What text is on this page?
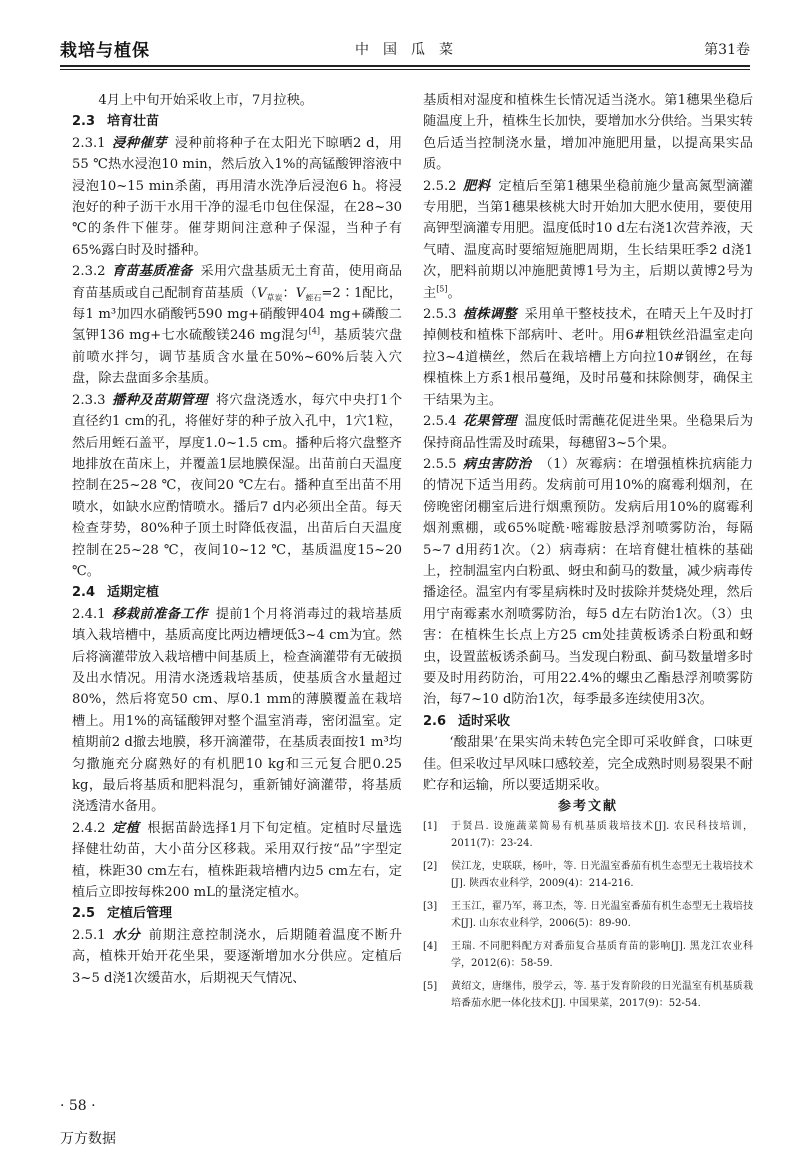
栽培与植保	中国瓜菜	第31卷

4月上中旬开始采收上市，7月拉秧。

2.3 培育壮苗

2.3.1 浸种催芽 浸种前将种子在太阳光下晾晒2 d，用55 ℃热水浸泡10 min，然后放入1%的高锰酸钾溶液中浸泡10~15 min杀菌，再用清水洗净后浸泡6 h。将浸泡好的种子沥干水用干净的湿毛巾包住保湿，在28~30 ℃的条件下催芽。催芽期间注意种子保湿，当种子有65%露白时及时播种。

2.3.2 育苗基质准备 采用穴盘基质无土育苗，使用商品育苗基质或自己配制育苗基质（$V_{草炭}$：$V_{蛭石}=2∶1$配比，每1 m³加四水硝酸钙590 mg+硝酸钾404 mg+磷酸二氢钾136 mg+七水硫酸镁246 mg混匀[4]，基质装穴盘前喷水拌匀，调节基质含水量在50%~60%后装入穴盘，除去盘面多余基质。

2.3.3 播种及苗期管理 将穴盘浇透水，每穴中央打1个直径约1 cm的孔，将催好芽的种子放入孔中，1穴1粒，然后用蛭石盖平，厚度1.0~1.5 cm。播种后将穴盘整齐地排放在苗床上，并覆盖1层地膜保湿。出苗前白天温度控制在25~28 ℃，夜间20 ℃左右。播种直至出苗不用喷水，如缺水应酌情喷水。播后7 d内必须出全苗。每天检查芽势，80%种子顶土时降低夜温，出苗后白天温度控制在25~28 ℃，夜间10~12 ℃，基质温度15~20 ℃。

2.4 适期定植

2.4.1 移栽前准备工作 提前1个月将消毒过的栽培基质填入栽培槽中，基质高度比两边槽埂低3~4 cm为宜。然后将滴灌带放入栽培槽中间基质上，检查滴灌带有无破损及出水情况。用清水浇透栽培基质，使基质含水量超过80%，然后将宽50 cm、厚0.1 mm的薄膜覆盖在栽培槽上。用1%的高锰酸钾对整个温室消毒，密闭温室。定植期前2 d撤去地膜，移开滴灌带，在基质表面按1 m³均匀撒施充分腐熟好的有机肥10 kg和三元复合肥0.25 kg，最后将基质和肥料混匀，重新铺好滴灌带，将基质浇透清水备用。

2.4.2 定植 根据苗龄选择1月下旬定植。定植时尽量选择健壮幼苗，大小苗分区移栽。采用双行按“品”字型定植，株距30 cm左右，植株距栽培槽内边5 cm左右，定植后立即按每株200 mL的量浇定植水。

2.5 定植后管理

2.5.1 水分 前期注意控制浇水，后期随着温度不断升高，植株开始开花坐果，要逐渐增加水分供应。定植后3~5 d浇1次缓苗水，后期视天气情况、

基质相对湿度和植株生长情况适当浇水。第1穗果坐稳后随温度上升，植株生长加快，要增加水分供给。当果实转色后适当控制浇水量，增加冲施肥用量，以提高果实品质。

2.5.2 肥料 定植后至第1穗果坐稳前施少量高氮型滴灌专用肥，当第1穗果核桃大时开始加大肥水使用，要使用高钾型滴灌专用肥。温度低时10 d左右浇1次营养液，天气晴、温度高时要缩短施肥周期，生长结果旺季2 d浇1次，肥料前期以冲施肥黄博1号为主，后期以黄博2号为主[5]。

2.5.3 植株调整 采用单干整枝技术，在晴天上午及时打掉侧枝和植株下部病叶、老叶。用6#粗铁丝沿温室走向拉3~4道横丝，然后在栽培槽上方向拉10#钢丝，在每棵植株上方系1根吊蔓绳，及时吊蔓和抹除侧芽，确保主干结果为主。

2.5.4 花果管理 温度低时需蘸花促进坐果。坐稳果后为保持商品性需及时疏果，每穗留3~5个果。

2.5.5 病虫害防治 （1）灰霉病：在增强植株抗病能力的情况下适当用药。发病前可用10%的腐霉利烟剂，在傍晚密闭棚室后进行烟熏预防。发病后用10%的腐霉利烟剂熏棚，或65%啶酰·嘧霉胺悬浮剂喷雾防治，每隔5~7 d用药1次。（2）病毒病：在培育健壮植株的基础上，控制温室内白粉虱、蚜虫和蓟马的数量，减少病毒传播途径。温室内有零星病株时及时拔除并焚烧处理，然后用宁南霉素水剂喷雾防治，每5 d左右防治1次。（3）虫害：在植株生长点上方25 cm处挂黄板诱杀白粉虱和蚜虫，设置蓝板诱杀蓟马。当发现白粉虱、蓟马数量增多时要及时用药防治，可用22.4%的螺虫乙酯悬浮剂喷雾防治，每7~10 d防治1次，每季最多连续使用3次。

2.6 适时采收

‘酸甜果’在果实尚未转色完全即可采收鲜食，口味更佳。但采收过早风味口感较差，完全成熟时则易裂果不耐贮存和运输，所以要适期采收。

参考文献

[1]	于贤昌. 设施蔬菜简易有机基质栽培技术[J]. 农民科技培训，2011(7)：23-24.
[2]	侯江龙，史联联，杨叶，等. 日光温室番茄有机生态型无土栽培技术[J]. 陕西农业科学，2009(4)：214-216.
[3]	王玉江，翟乃军，蒋卫杰，等. 日光温室番茄有机生态型无土栽培技术[J]. 山东农业科学，2006(5)：89-90.
[4]	王瑞. 不同肥料配方对番茄复合基质育苗的影响[J]. 黑龙江农业科学，2012(6)：58-59.
[5]	黄绍文，唐继伟，殷学云，等. 基于发育阶段的日光温室有机基质栽培番茄水肥一体化技术[J]. 中国果菜，2017(9)：52-54.
· 58 ·
万方数据
